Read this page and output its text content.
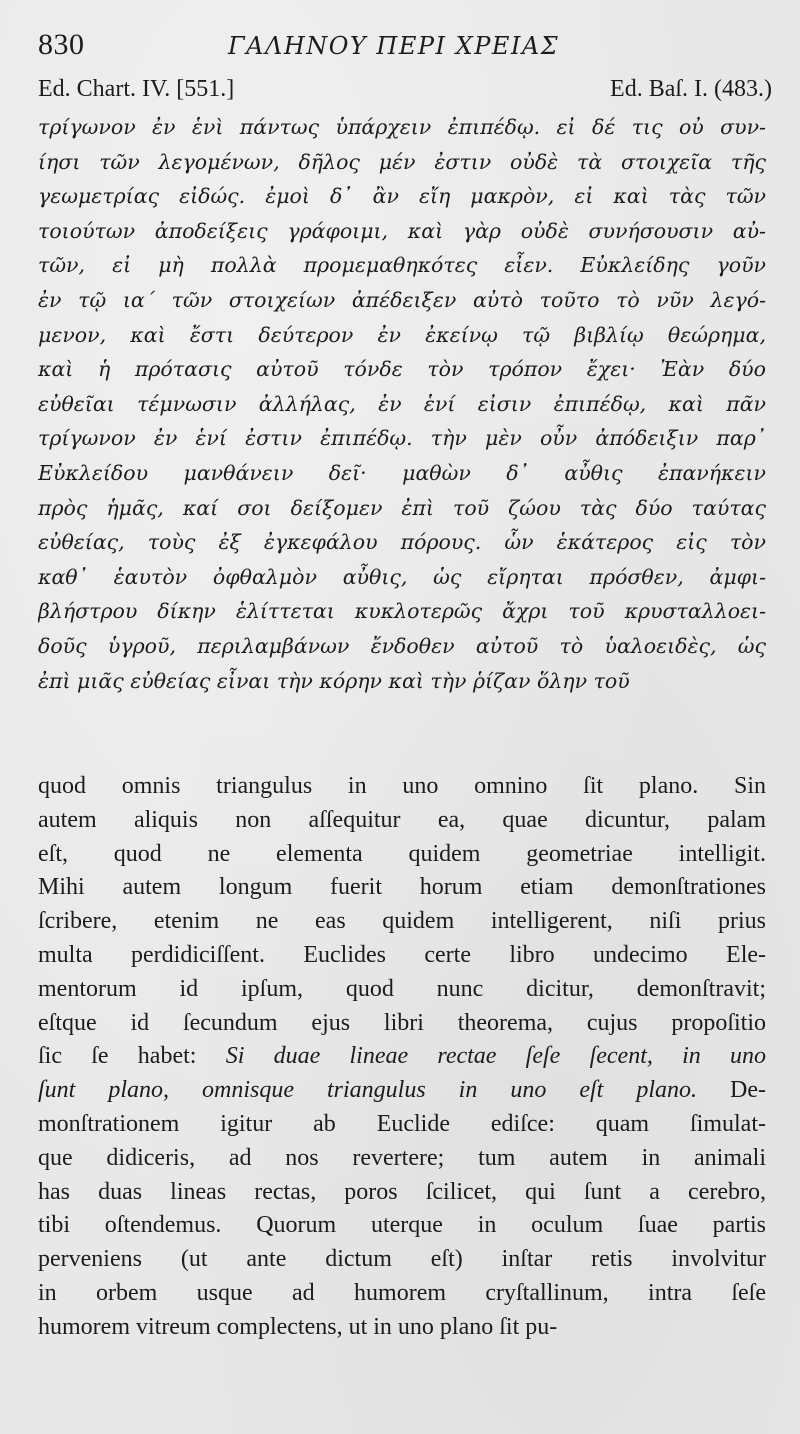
830	ΓΑΛΗΝΟΥ ΠΕΡΙ ΧΡΕΙΑΣ
Ed. Chart. IV. [551.]	Ed. Baſ. I. (483.)
τρίγωνον ἐν ἑνὶ πάντως ὑπάρχειν ἐπιπέδῳ. εἰ δέ τις οὐ συν-
ίησι τῶν λεγομένων, δῆλος μέν ἐστιν οὐδὲ τὰ στοιχεῖα τῆς
γεωμετρίας εἰδώς. ἐμοὶ δ᾽ ἂν εἴη μακρὸν, εἰ καὶ τὰς τῶν
τοιούτων ἀποδείξεις γράφοιμι, καὶ γὰρ οὐδὲ συνήσουσιν αὐ-
τῶν, εἰ μὴ πολλὰ προμεμαθηκότες εἶεν. Εὐκλείδης γοῦν
ἐν τῷ ια΄ τῶν στοιχείων ἀπέδειξεν αὐτὸ τοῦτο τὸ νῦν λεγό-
μενον, καὶ ἔστι δεύτερον ἐν ἐκείνῳ τῷ βιβλίῳ θεώρημα,
καὶ ἡ πρότασις αὐτοῦ τόνδε τὸν τρόπον ἔχει· Ἐὰν δύο
εὐθεῖαι τέμνωσιν ἀλλήλας, ἐν ἑνί εἰσιν ἐπιπέδῳ, καὶ πᾶν
τρίγωνον ἐν ἑνί ἐστιν ἐπιπέδῳ. τὴν μὲν οὖν ἀπόδειξιν παρ᾽
Εὐκλείδου μανθάνειν δεῖ· μαθὼν δ᾽ αὖθις ἐπανήκειν
πρὸς ἡμᾶς, καί σοι δείξομεν ἐπὶ τοῦ ζώου τὰς δύο ταύτας
εὐθείας, τοὺς ἐξ ἐγκεφάλου πόρους. ὧν ἑκάτερος εἰς τὸν
καθ᾽ ἑαυτὸν ὀφθαλμὸν αὖθις, ὡς εἴρηται πρόσθεν, ἀμφι-
βλήστρου δίκην ἑλίττεται κυκλοτερῶς ἄχρι τοῦ κρυσταλλοει-
δοῦς ὑγροῦ, περιλαμβάνων ἔνδοθεν αὐτοῦ τὸ ὑαλοειδὲς, ὡς
ἐπὶ μιᾶς εὐθείας εἶναι τὴν κόρην καὶ τὴν ῥίζαν ὅλην τοῦ
quod omnis triangulus in uno omnino ſit plano. Sin
autem aliquis non aſſequitur ea, quae dicuntur, palam
eſt, quod ne elementa quidem geometriae intelligit.
Mihi autem longum fuerit horum etiam demonſtrationes
ſcribere, etenim ne eas quidem intelligerent, niſi prius
multa perdidiciſſent. Euclides certe libro undecimo Ele-
mentorum id ipſum, quod nunc dicitur, demonſtravit;
eſtque id ſecundum ejus libri theorema, cujus propoſitio
ſic ſe habet: Si duae lineae rectae ſeſe ſecent, in uno
ſunt plano, omnisque triangulus in uno eſt plano. De-
monſtrationem igitur ab Euclide ediſce: quam ſimulat-
que didiceris, ad nos revertere; tum autem in animali
has duas lineas rectas, poros ſcilicet, qui ſunt a cerebro,
tibi oſtendemus. Quorum uterque in oculum ſuae partis
perveniens (ut ante dictum eſt) inſtar retis involvitur
in orbem usque ad humorem cryſtallinum, intra ſeſe
humorem vitreum complectens, ut in uno plano ſit pu-
